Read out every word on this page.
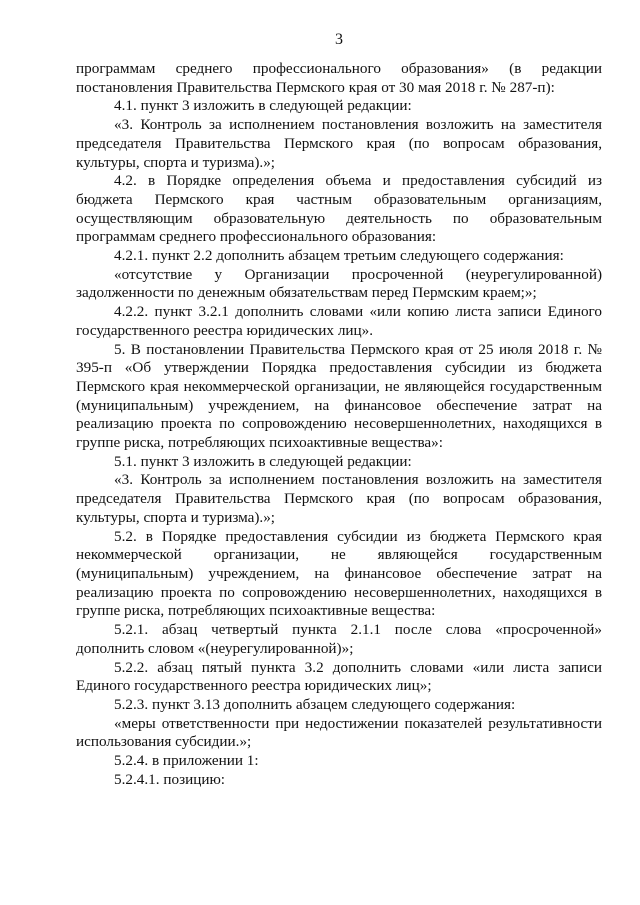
3

программам среднего профессионального образования» (в редакции постановления Правительства Пермского края от 30 мая 2018 г. № 287-п):

4.1. пункт 3 изложить в следующей редакции:

«3. Контроль за исполнением постановления возложить на заместителя председателя Правительства Пермского края (по вопросам образования, культуры, спорта и туризма).»;

4.2. в Порядке определения объема и предоставления субсидий из бюджета Пермского края частным образовательным организациям, осуществляющим образовательную деятельность по образовательным программам среднего профессионального образования:

4.2.1. пункт 2.2 дополнить абзацем третьим следующего содержания:

«отсутствие у Организации просроченной (неурегулированной) задолженности по денежным обязательствам перед Пермским краем;»;

4.2.2. пункт 3.2.1 дополнить словами «или копию листа записи Единого государственного реестра юридических лиц».

5. В постановлении Правительства Пермского края от 25 июля 2018 г. № 395-п «Об утверждении Порядка предоставления субсидии из бюджета Пермского края некоммерческой организации, не являющейся государственным (муниципальным) учреждением, на финансовое обеспечение затрат на реализацию проекта по сопровождению несовершеннолетних, находящихся в группе риска, потребляющих психоактивные вещества»:

5.1. пункт 3 изложить в следующей редакции:

«3. Контроль за исполнением постановления возложить на заместителя председателя Правительства Пермского края (по вопросам образования, культуры, спорта и туризма).»;

5.2. в Порядке предоставления субсидии из бюджета Пермского края некоммерческой организации, не являющейся государственным (муниципальным) учреждением, на финансовое обеспечение затрат на реализацию проекта по сопровождению несовершеннолетних, находящихся в группе риска, потребляющих психоактивные вещества:

5.2.1. абзац четвертый пункта 2.1.1 после слова «просроченной» дополнить словом «(неурегулированной)»;

5.2.2. абзац пятый пункта 3.2 дополнить словами «или листа записи Единого государственного реестра юридических лиц»;

5.2.3. пункт 3.13 дополнить абзацем следующего содержания:

«меры ответственности при недостижении показателей результативности использования субсидии.»;

5.2.4. в приложении 1:

5.2.4.1. позицию:
